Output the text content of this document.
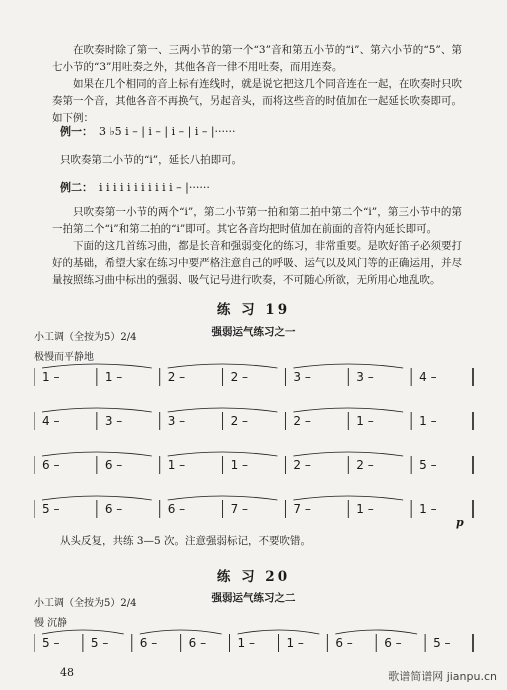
在吹奏时除了第一、三两小节的第一个“3”音和第五小节的“i”、第六小节的“5”、第七小节的“3”用吐奏之外，其他各音一律不用吐奏，而用连奏。

如果在几个相同的音上标有连线时，就是说它把这几个同音连在一起，在吹奏时只吹奏第一个音，其他各音不再换气，另起音头，而将这些音的时值加在一起延长吹奏即可。如下例：

例一： 3 ♭5 i – | i – | i – | i – |······
只吹奏第二小节的“i”，延长八拍即可。
例二： i i i i i i i i i i i – |······

只吹奏第一小节的两个“i”，第二小节第一拍和第二拍中第二个“i”，第三小节中的第一拍第二个“i”和第二拍的“i”即可。其它各音均把时值加在前面的音符内延长即可。

下面的这几首练习曲，都是长音和强弱变化的练习，非常重要。是吹好笛子必须要打好的基础，希望大家在练习中要严格注意自己的呼吸、运气以及风门等的正确运用，并尽量按照练习曲中标出的强弱、吸气记号进行吹奏，不可随心所欲，无所用心地乱吹。

练 习 19
强弱运气练习之一
小工调（全按为5）2/4
极慢而平静地
1 –	1 –	2 –	2 –	3 –	3 –	4 –
4 –	3 –	3 –	2 –	2 –	1 –	1 –
6 –	6 –	1 –	1 –	2 –	2 –	5 –
5 –	6 –	6 –	7 –	7 –	1 –	1 –
p
从头反复，共练 3—5 次。注意强弱标记，不要吹错。
练 习 20
强弱运气练习之二
小工调（全按为5）2/4
慢 沉静
5 –	5 –	6 –	6 –	1 –	1 –	6 –	6 –	5 –
48	歌谱简谱网 jianpu.cn
